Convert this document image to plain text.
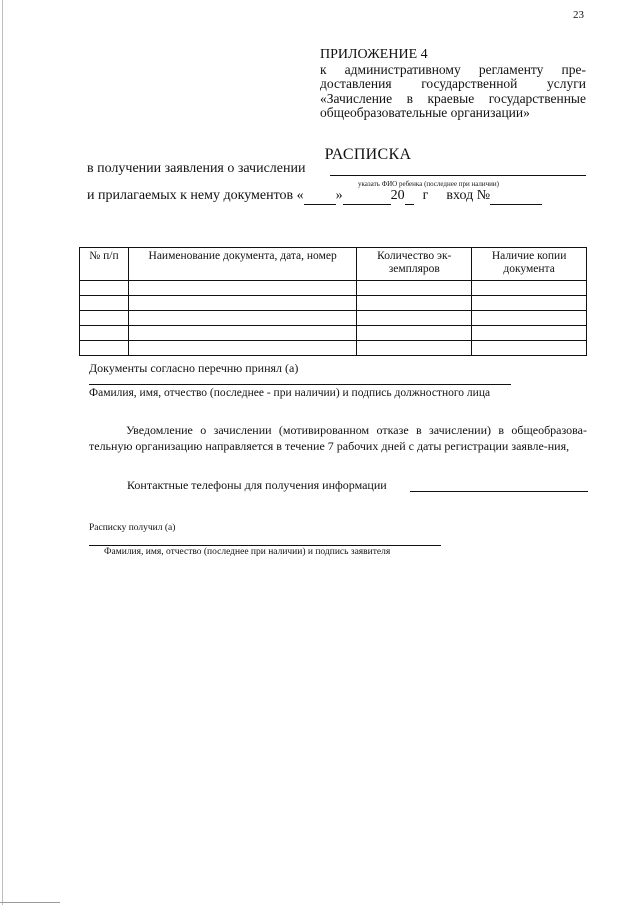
23
ПРИЛОЖЕНИЕ 4
к административному регламенту пре-
доставления государственной услуги
«Зачисление в краевые государственные
общеобразовательные организации»
РАСПИСКА
в получении заявления о зачислении
указать ФИО ребенка (последнее при наличии)
и прилагаемых к нему документов « »	20 г вход №
№ п/п	Наименование документа, дата, номер	Количество эк-земпляров	Наличие копии документа

Документы согласно перечню принял (а)
Фамилия, имя, отчество (последнее - при наличии) и подпись должностного лица
Уведомление о зачислении (мотивированном отказе в зачислении) в общеобразова-тельную организацию направляется в течение 7 рабочих дней с даты регистрации заявле-ния,
Контактные телефоны для получения информации
Расписку получил (а)
Фамилия, имя, отчество (последнее при наличии) и подпись заявителя
